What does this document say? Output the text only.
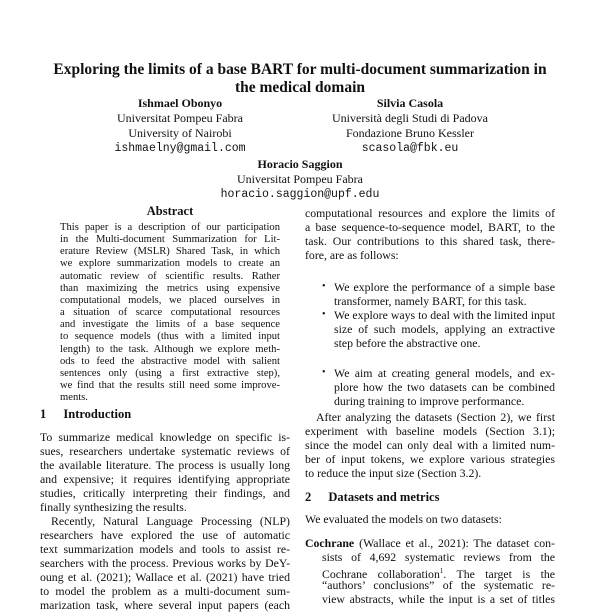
Exploring the limits of a base BART for multi-document summarization in
the medical domain
Ishmael Obonyo
Universitat Pompeu Fabra
University of Nairobi
ishmaelny@gmail.com
Silvia Casola
Università degli Studi di Padova
Fondazione Bruno Kessler
scasola@fbk.eu
Horacio Saggion
Universitat Pompeu Fabra
horacio.saggion@upf.edu
Abstract
This paper is a description of our participation
in the Multi-document Summarization for Lit-
erature Review (MSLR) Shared Task, in which
we explore summarization models to create an
automatic review of scientific results. Rather
than maximizing the metrics using expensive
computational models, we placed ourselves in
a situation of scarce computational resources
and investigate the limits of a base sequence
to sequence models (thus with a limited input
length) to the task. Although we explore meth-
ods to feed the abstractive model with salient
sentences only (using a first extractive step),
we find that the results still need some improve-
ments.
1 Introduction
To summarize medical knowledge on specific is-
sues, researchers undertake systematic reviews of
the available literature. The process is usually long
and expensive; it requires identifying appropriate
studies, critically interpreting their findings, and
finally synthesizing the results.
Recently, Natural Language Processing (NLP)
researchers have explored the use of automatic
text summarization models and tools to assist re-
searchers with the process. Previous works by DeY-
oung et al. (2021); Wallace et al. (2021) have tried
to model the problem as a multi-document sum-
marization task, where several input papers (each
computational resources and explore the limits of
a base sequence-to-sequence model, BART, to the
task. Our contributions to this shared task, there-
fore, are as follows:
• We explore the performance of a simple base
transformer, namely BART, for this task.
• We explore ways to deal with the limited input
size of such models, applying an extractive
step before the abstractive one.
• We aim at creating general models, and ex-
plore how the two datasets can be combined
during training to improve performance.
After analyzing the datasets (Section 2), we first
experiment with baseline models (Section 3.1);
since the model can only deal with a limited num-
ber of input tokens, we explore various strategies
to reduce the input size (Section 3.2).
We evaluated the models on two datasets:
Cochrane (Wallace et al., 2021): The dataset con-
sists of 4,692 systematic reviews from the
“authors’ conclusions” of the systematic re-
view abstracts, while the input is a set of titles
Cochrane collaboration$^1$. The target is the
2 Datasets and metrics
